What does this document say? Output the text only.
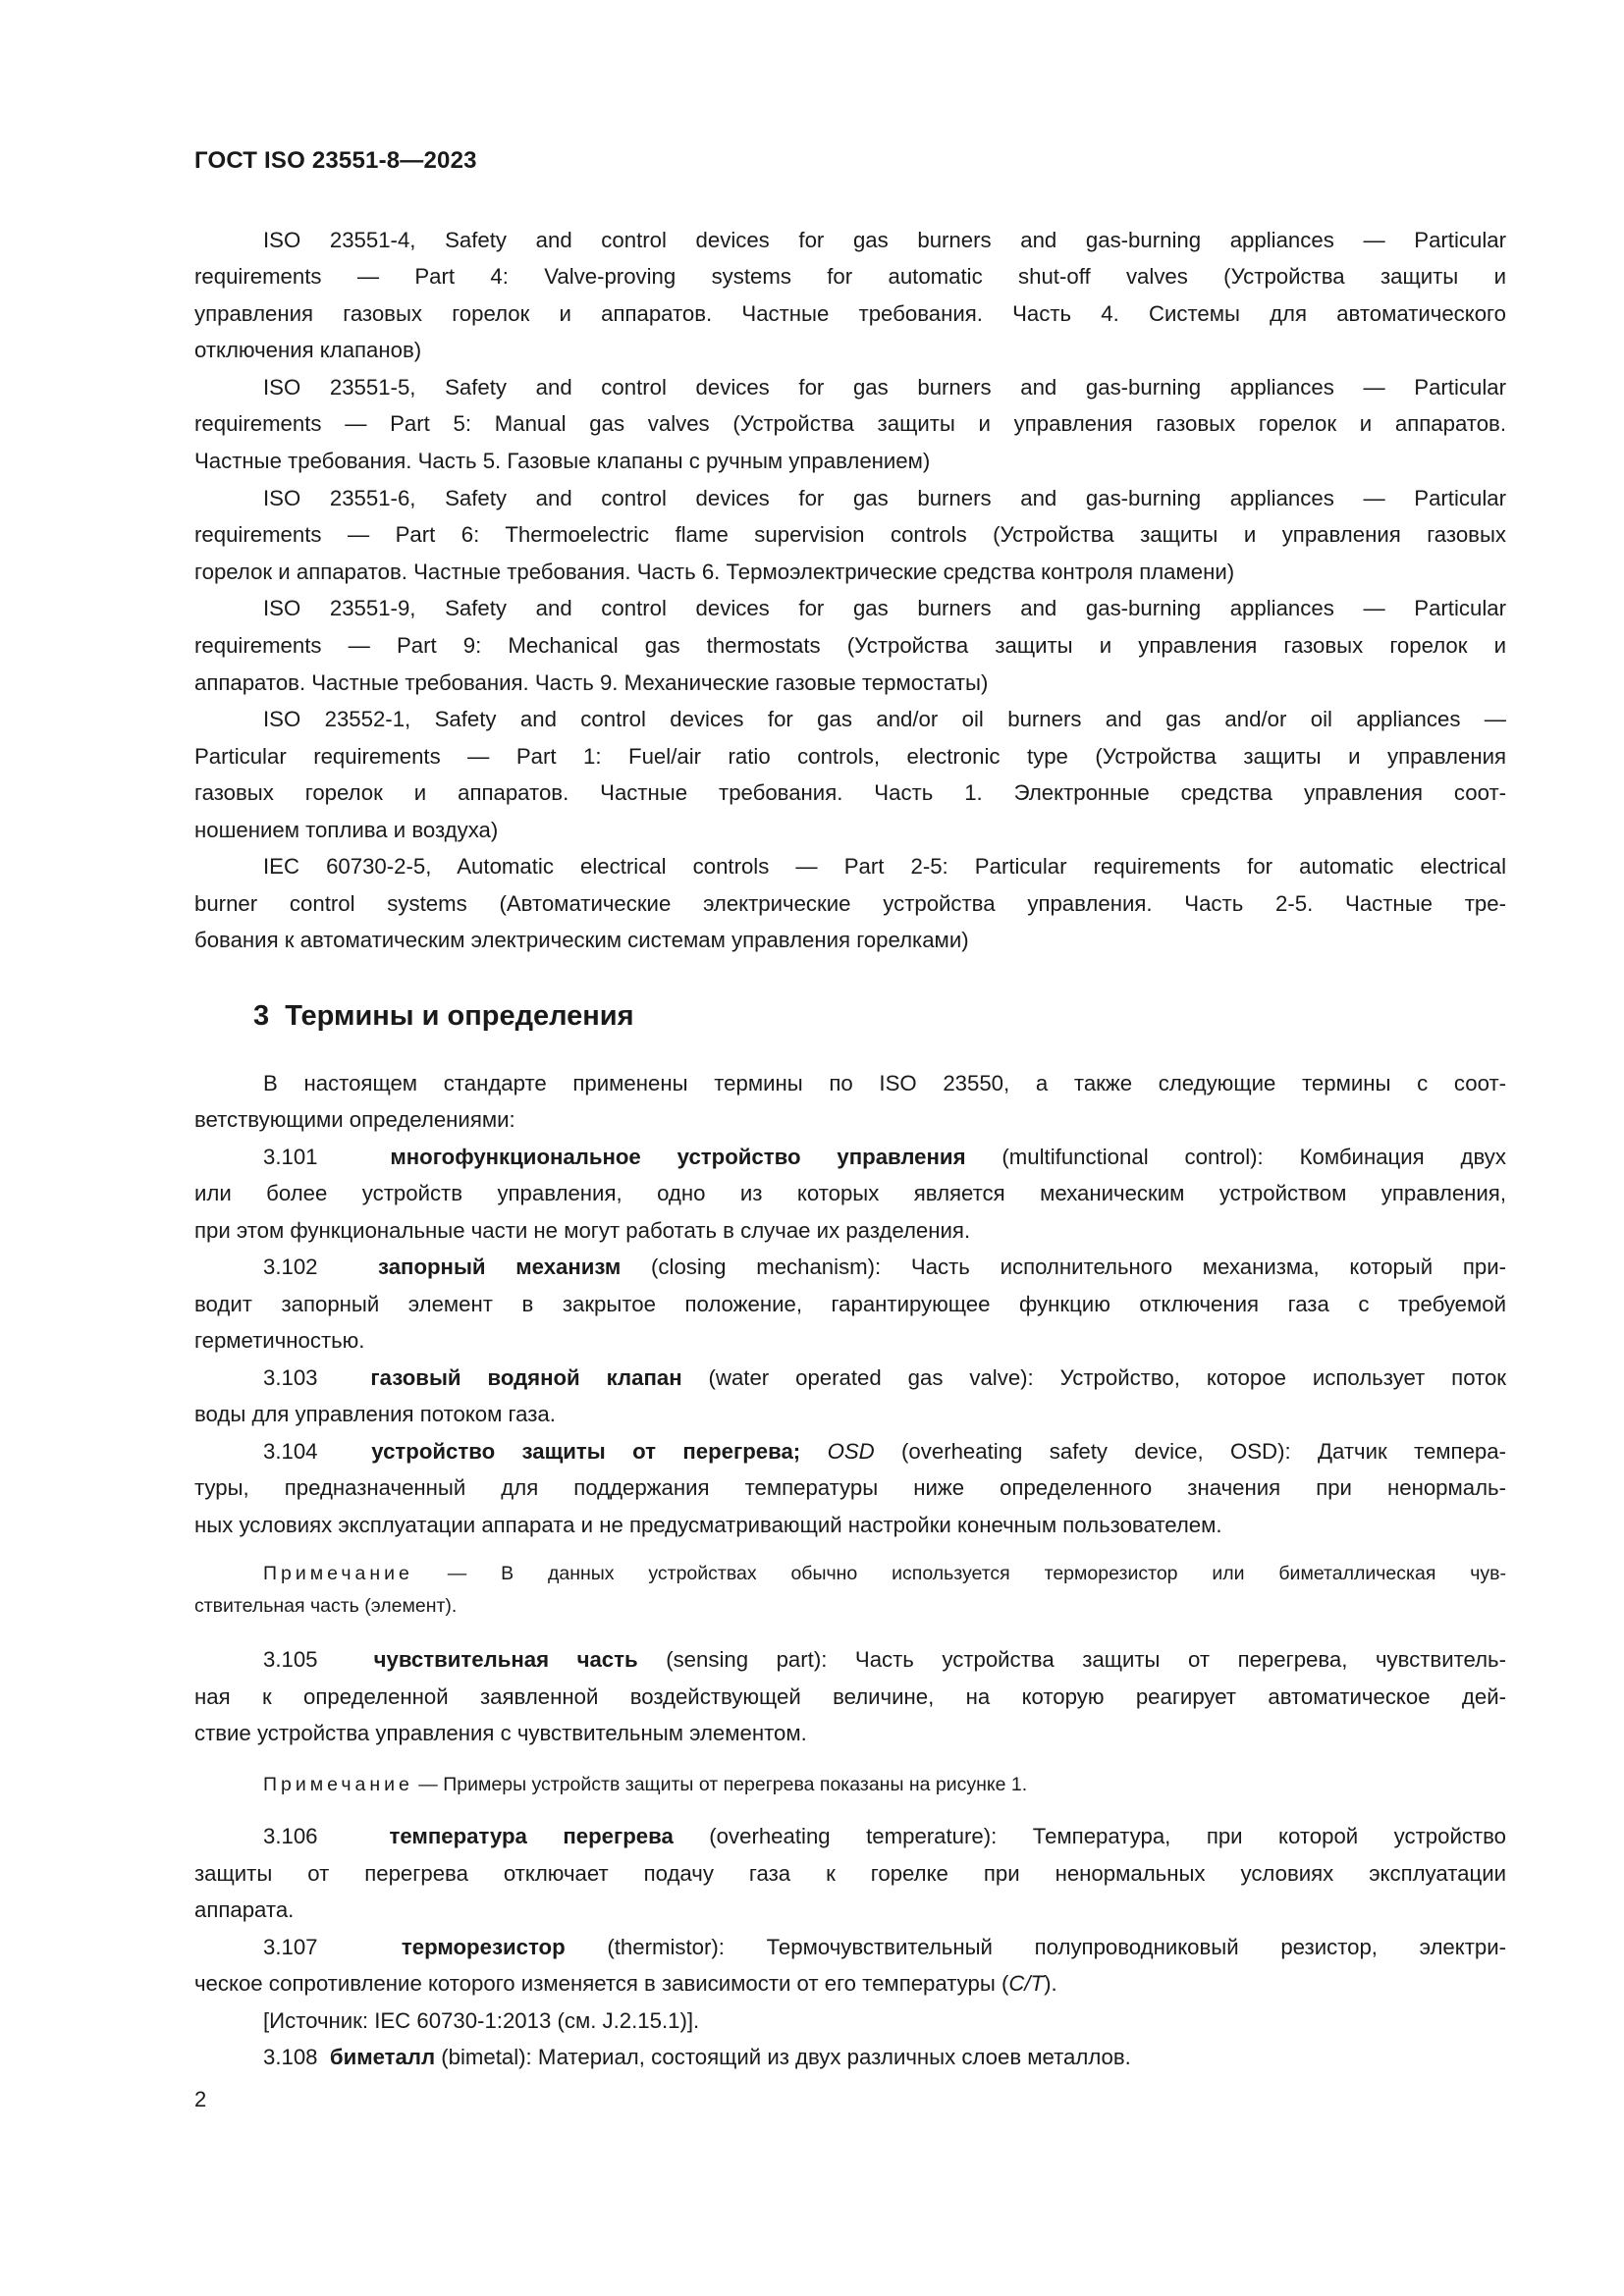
ГОСТ ISO 23551-8—2023
ISO 23551-4, Safety and control devices for gas burners and gas-burning appliances — Particular
requirements — Part 4: Valve-proving systems for automatic shut-off valves (Устройства защиты и
управления газовых горелок и аппаратов. Частные требования. Часть 4. Системы для автоматического
отключения клапанов)
ISO 23551-5, Safety and control devices for gas burners and gas-burning appliances — Particular
requirements — Part 5: Manual gas valves (Устройства защиты и управления газовых горелок и аппаратов.
Частные требования. Часть 5. Газовые клапаны с ручным управлением)
ISO 23551-6, Safety and control devices for gas burners and gas-burning appliances — Particular
requirements — Part 6: Thermoelectric flame supervision controls (Устройства защиты и управления газовых
горелок и аппаратов. Частные требования. Часть 6. Термоэлектрические средства контроля пламени)
ISO 23551-9, Safety and control devices for gas burners and gas-burning appliances — Particular
requirements — Part 9: Mechanical gas thermostats (Устройства защиты и управления газовых горелок и
аппаратов. Частные требования. Часть 9. Механические газовые термостаты)
ISO 23552-1, Safety and control devices for gas and/or oil burners and gas and/or oil appliances —
Particular requirements — Part 1: Fuel/air ratio controls, electronic type (Устройства защиты и управления
газовых горелок и аппаратов. Частные требования. Часть 1. Электронные средства управления соот-
ношением топлива и воздуха)
IEC 60730-2-5, Automatic electrical controls — Part 2-5: Particular requirements for automatic electrical
burner control systems (Автоматические электрические устройства управления. Часть 2-5. Частные тре-
бования к автоматическим электрическим системам управления горелками)
3 Термины и определения
В настоящем стандарте применены термины по ISO 23550, а также следующие термины с соот-
ветствующими определениями:
3.101	многофункциональное устройство управления (multifunctional control): Комбинация двух
или более устройств управления, одно из которых является механическим устройством управления,
при этом функциональные части не могут работать в случае их разделения.
3.102	запорный механизм (closing mechanism): Часть исполнительного механизма, который при-
водит запорный элемент в закрытое положение, гарантирующее функцию отключения газа с требуемой
герметичностью.
3.103 газовый водяной клапан (water operated gas valve): Устройство, которое использует поток
воды для управления потоком газа.
3.104 устройство защиты от перегрева; OSD (overheating safety device, OSD): Датчик темпера-
туры, предназначенный для поддержания температуры ниже определенного значения при ненормаль-
ных условиях эксплуатации аппарата и не предусматривающий настройки конечным пользователем.
Примечание — В данных устройствах обычно используется терморезистор или биметаллическая чув-
ствительная часть (элемент).
3.105	чувствительная часть (sensing part): Часть устройства защиты от перегрева, чувствитель-
ная к определенной заявленной воздействующей величине, на которую реагирует автоматическое дей-
ствие устройства управления с чувствительным элементом.
Примечание — Примеры устройств защиты от перегрева показаны на рисунке 1.
3.106	температура перегрева (overheating temperature): Температура, при которой устройство
защиты от перегрева отключает подачу газа к горелке при ненормальных условиях эксплуатации
аппарата.
3.107	терморезистор (thermistor): Термочувствительный полупроводниковый резистор, электри-
ческое сопротивление которого изменяется в зависимости от его температуры (C/T).
[Источник: IEC 60730-1:2013 (см. J.2.15.1)].
3.108 биметалл (bimetal): Материал, состоящий из двух различных слоев металлов.
2
